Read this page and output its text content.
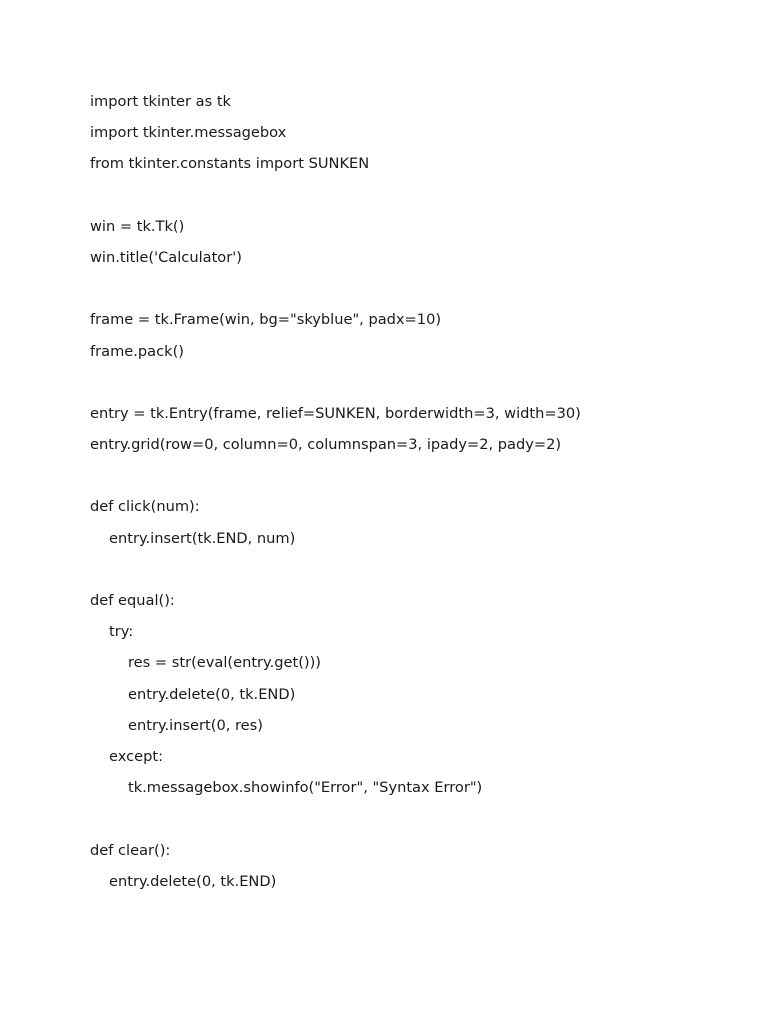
import tkinter as tk
import tkinter.messagebox
from tkinter.constants import SUNKEN
win = tk.Tk()
win.title('Calculator')
frame = tk.Frame(win, bg="skyblue", padx=10)
frame.pack()
entry = tk.Entry(frame, relief=SUNKEN, borderwidth=3, width=30)
entry.grid(row=0, column=0, columnspan=3, ipady=2, pady=2)
def click(num):
entry.insert(tk.END, num)
def equal():
try:
res = str(eval(entry.get()))
entry.delete(0, tk.END)
entry.insert(0, res)
except:
tk.messagebox.showinfo("Error", "Syntax Error")
def clear():
entry.delete(0, tk.END)
